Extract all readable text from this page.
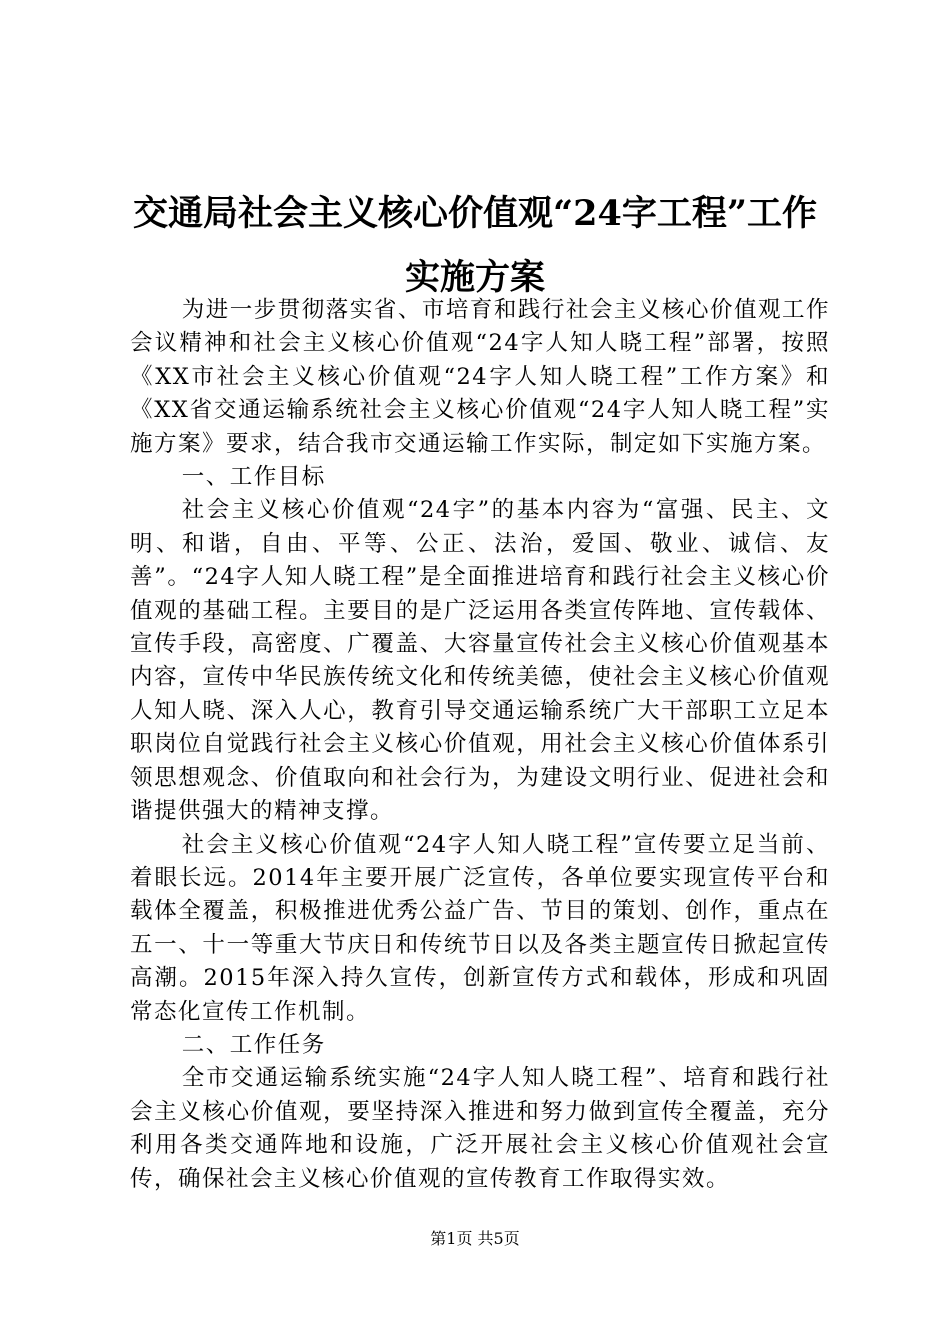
交通局社会主义核心价值观“24字工程”工作实施方案

为进一步贯彻落实省、市培育和践行社会主义核心价值观工作会议精神和社会主义核心价值观“24字人知人晓工程”部署，按照《XX市社会主义核心价值观“24字人知人晓工程”工作方案》和《XX省交通运输系统社会主义核心价值观“24字人知人晓工程”实施方案》要求，结合我市交通运输工作实际，制定如下实施方案。

一、工作目标

社会主义核心价值观“24字”的基本内容为“富强、民主、文明、和谐，自由、平等、公正、法治，爱国、敬业、诚信、友善”。“24字人知人晓工程”是全面推进培育和践行社会主义核心价值观的基础工程。主要目的是广泛运用各类宣传阵地、宣传载体、宣传手段，高密度、广覆盖、大容量宣传社会主义核心价值观基本内容，宣传中华民族传统文化和传统美德，使社会主义核心价值观人知人晓、深入人心，教育引导交通运输系统广大干部职工立足本职岗位自觉践行社会主义核心价值观，用社会主义核心价值体系引领思想观念、价值取向和社会行为，为建设文明行业、促进社会和谐提供强大的精神支撑。

社会主义核心价值观“24字人知人晓工程”宣传要立足当前、着眼长远。2014年主要开展广泛宣传，各单位要实现宣传平台和载体全覆盖，积极推进优秀公益广告、节目的策划、创作，重点在五一、十一等重大节庆日和传统节日以及各类主题宣传日掀起宣传高潮。2015年深入持久宣传，创新宣传方式和载体，形成和巩固常态化宣传工作机制。

二、工作任务

全市交通运输系统实施“24字人知人晓工程”、培育和践行社会主义核心价值观，要坚持深入推进和努力做到宣传全覆盖，充分利用各类交通阵地和设施，广泛开展社会主义核心价值观社会宣传，确保社会主义核心价值观的宣传教育工作取得实效。

第1页 共5页
